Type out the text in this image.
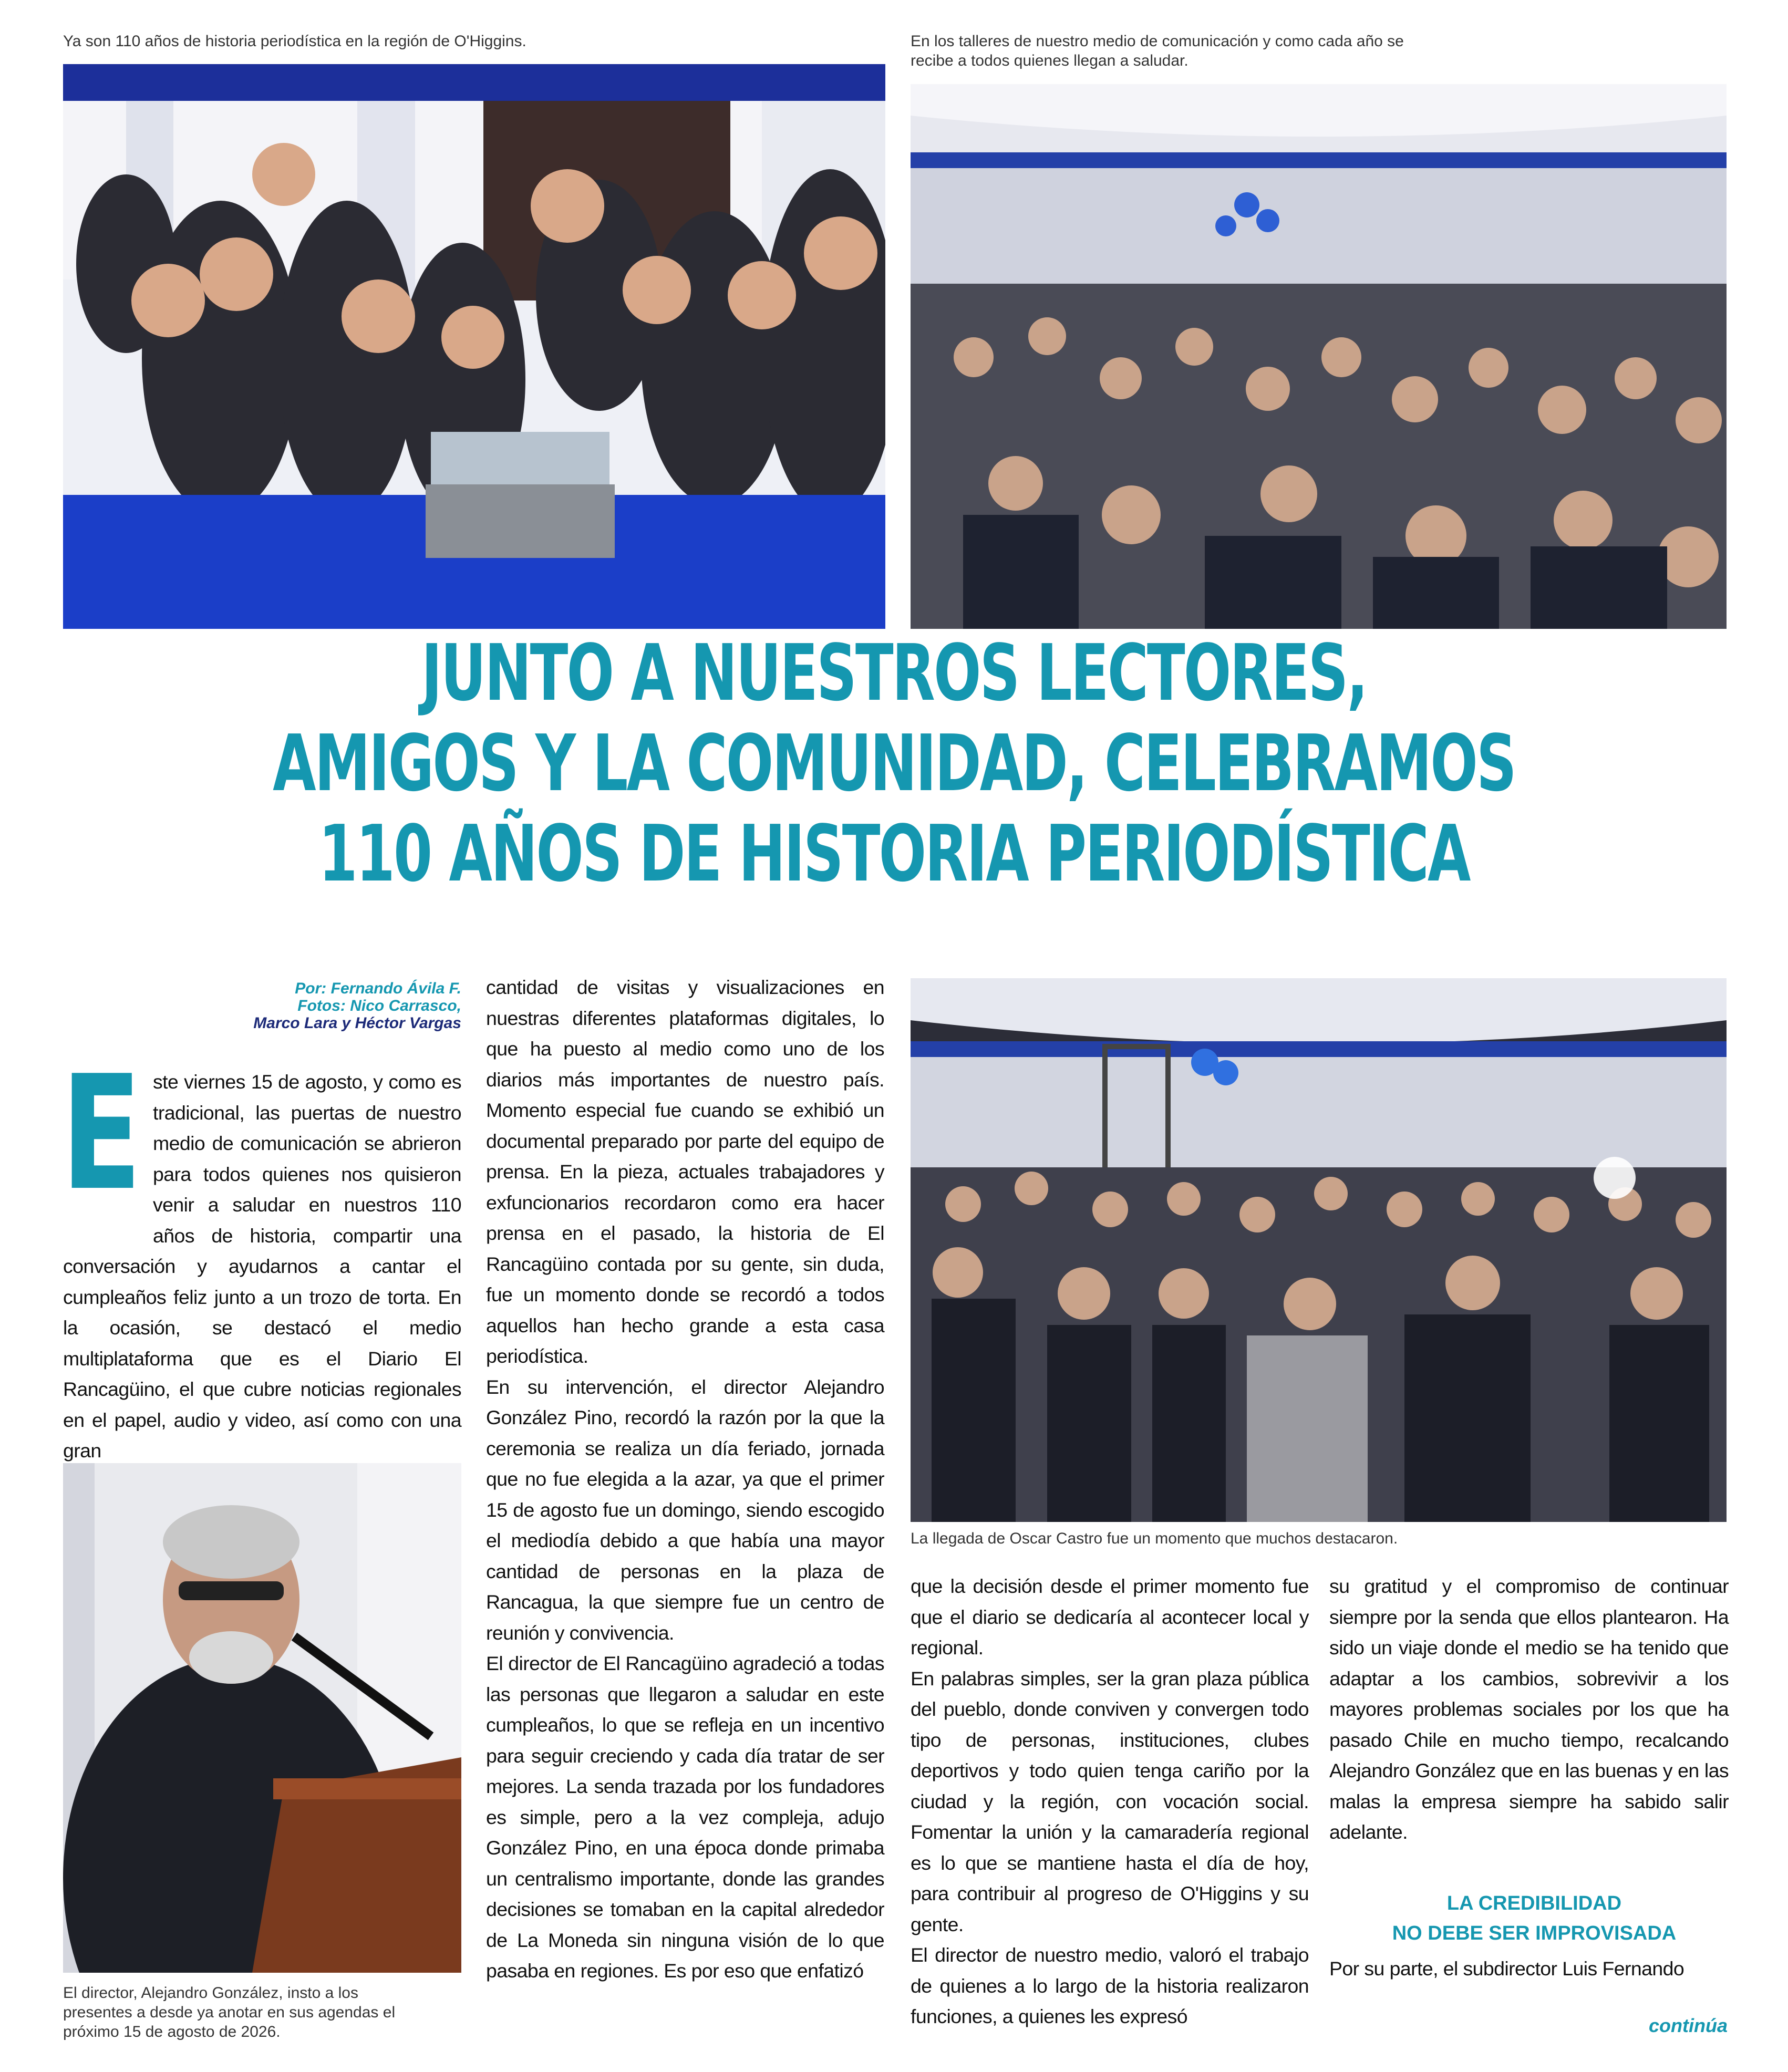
Ya son 110 años de historia periodística en la región de O'Higgins.	En los talleres de nuestro medio de comunicación y como cada año se recibe a todos quienes llegan a saludar.
JUNTO A NUESTROS LECTORES,
AMIGOS Y LA COMUNIDAD, CELEBRAMOS
110 AÑOS DE HISTORIA PERIODÍSTICA
Por: Fernando Ávila F.
Fotos: Nico Carrasco,
Marco Lara y Héctor Vargas
E ste viernes 15 de agosto, y como es tradicional, las puertas de nuestro medio de comunicación se abrieron para todos quienes nos quisieron venir a saludar en nuestros 110 años de historia, compartir una conversación y ayudarnos a cantar el cumpleaños feliz junto a un trozo de torta. En la ocasión, se destacó el medio multiplataforma que es el Diario El Rancagüino, el que cubre noticias regionales en el papel, audio y video, así como con una gran

El director, Alejandro González, insto a los presentes a desde ya anotar en sus agendas el próximo 15 de agosto de 2026.

cantidad de visitas y visualizaciones en nuestras diferentes plataformas digitales, lo que ha puesto al medio como uno de los diarios más importantes de nuestro país. Momento especial fue cuando se exhibió un documental preparado por parte del equipo de prensa. En la pieza, actuales trabajadores y exfuncionarios recordaron como era hacer prensa en el pasado, la historia de El Rancagüino contada por su gente, sin duda, fue un momento donde se recordó a todos aquellos han hecho grande a esta casa periodística.

En su intervención, el director Alejandro González Pino, recordó la razón por la que la ceremonia se realiza un día feriado, jornada que no fue elegida a la azar, ya que el primer 15 de agosto fue un domingo, siendo escogido el mediodía debido a que había una mayor cantidad de personas en la plaza de Rancagua, la que siempre fue un centro de reunión y convivencia.

El director de El Rancagüino agradeció a todas las personas que llegaron a saludar en este cumpleaños, lo que se refleja en un incentivo para seguir creciendo y cada día tratar de ser mejores. La senda trazada por los fundadores es simple, pero a la vez compleja, adujo González Pino, en una época donde primaba un centralismo importante, donde las grandes decisiones se tomaban en la capital alrededor de La Moneda sin ninguna visión de lo que pasaba en regiones. Es por eso que enfatizó

La llegada de Oscar Castro fue un momento que muchos destacaron.

que la decisión desde el primer momento fue que el diario se dedicaría al acontecer local y regional.

En palabras simples, ser la gran plaza pública del pueblo, donde conviven y convergen todo tipo de personas, instituciones, clubes deportivos y todo quien tenga cariño por la ciudad y la región, con vocación social. Fomentar la unión y la camaradería regional es lo que se mantiene hasta el día de hoy, para contribuir al progreso de O'Higgins y su gente.

El director de nuestro medio, valoró el trabajo de quienes a lo largo de la historia realizaron funciones, a quienes les expresó

su gratitud y el compromiso de continuar siempre por la senda que ellos plantearon. Ha sido un viaje donde el medio se ha tenido que adaptar a los cambios, sobrevivir a los mayores problemas sociales por los que ha pasado Chile en mucho tiempo, recalcando Alejandro González que en las buenas y en las malas la empresa siempre ha sabido salir adelante.

LA CREDIBILIDAD
NO DEBE SER IMPROVISADA

Por su parte, el subdirector Luis Fernando

continúa
